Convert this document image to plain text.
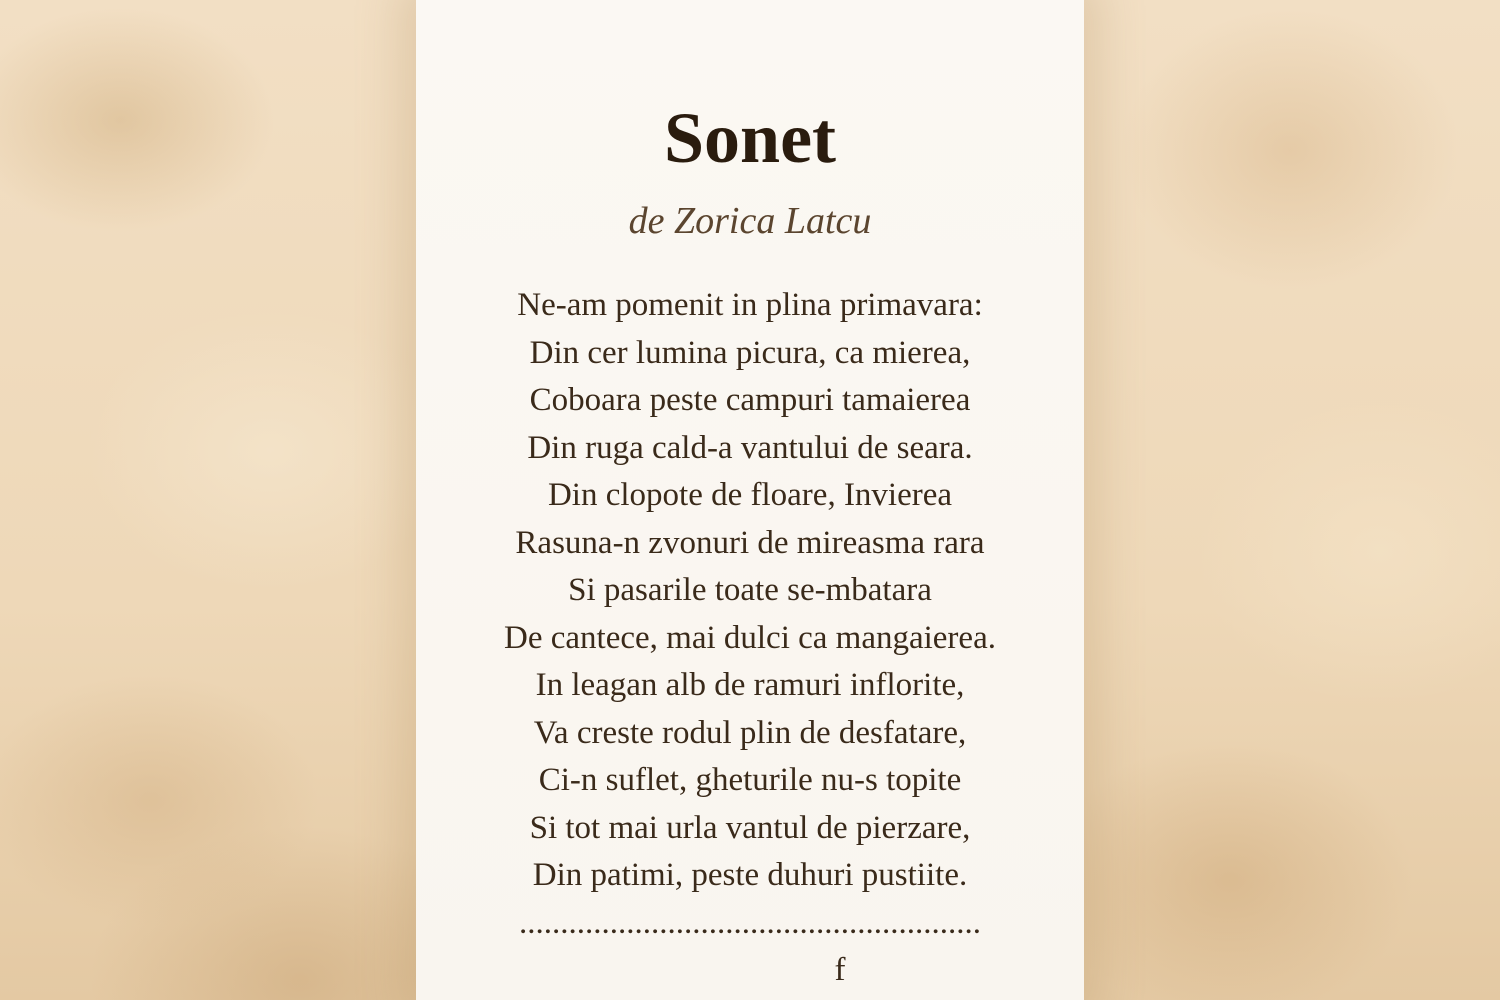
Sonet
de Zorica Latcu
Ne-am pomenit in plina primavara:
Din cer lumina picura, ca mierea,
Coboara peste campuri tamaierea
Din ruga cald-a vantului de seara.
Din clopote de floare, Invierea
Rasuna-n zvonuri de mireasma rara
Si pasarile toate se-mbatara
De cantece, mai dulci ca mangaierea.
In leagan alb de ramuri inflorite,
Va creste rodul plin de desfatare,
Ci-n suflet, gheturile nu-s topite
Si tot mai urla vantul de pierzare,
Din patimi, peste duhuri pustiite.
........................................................
f
